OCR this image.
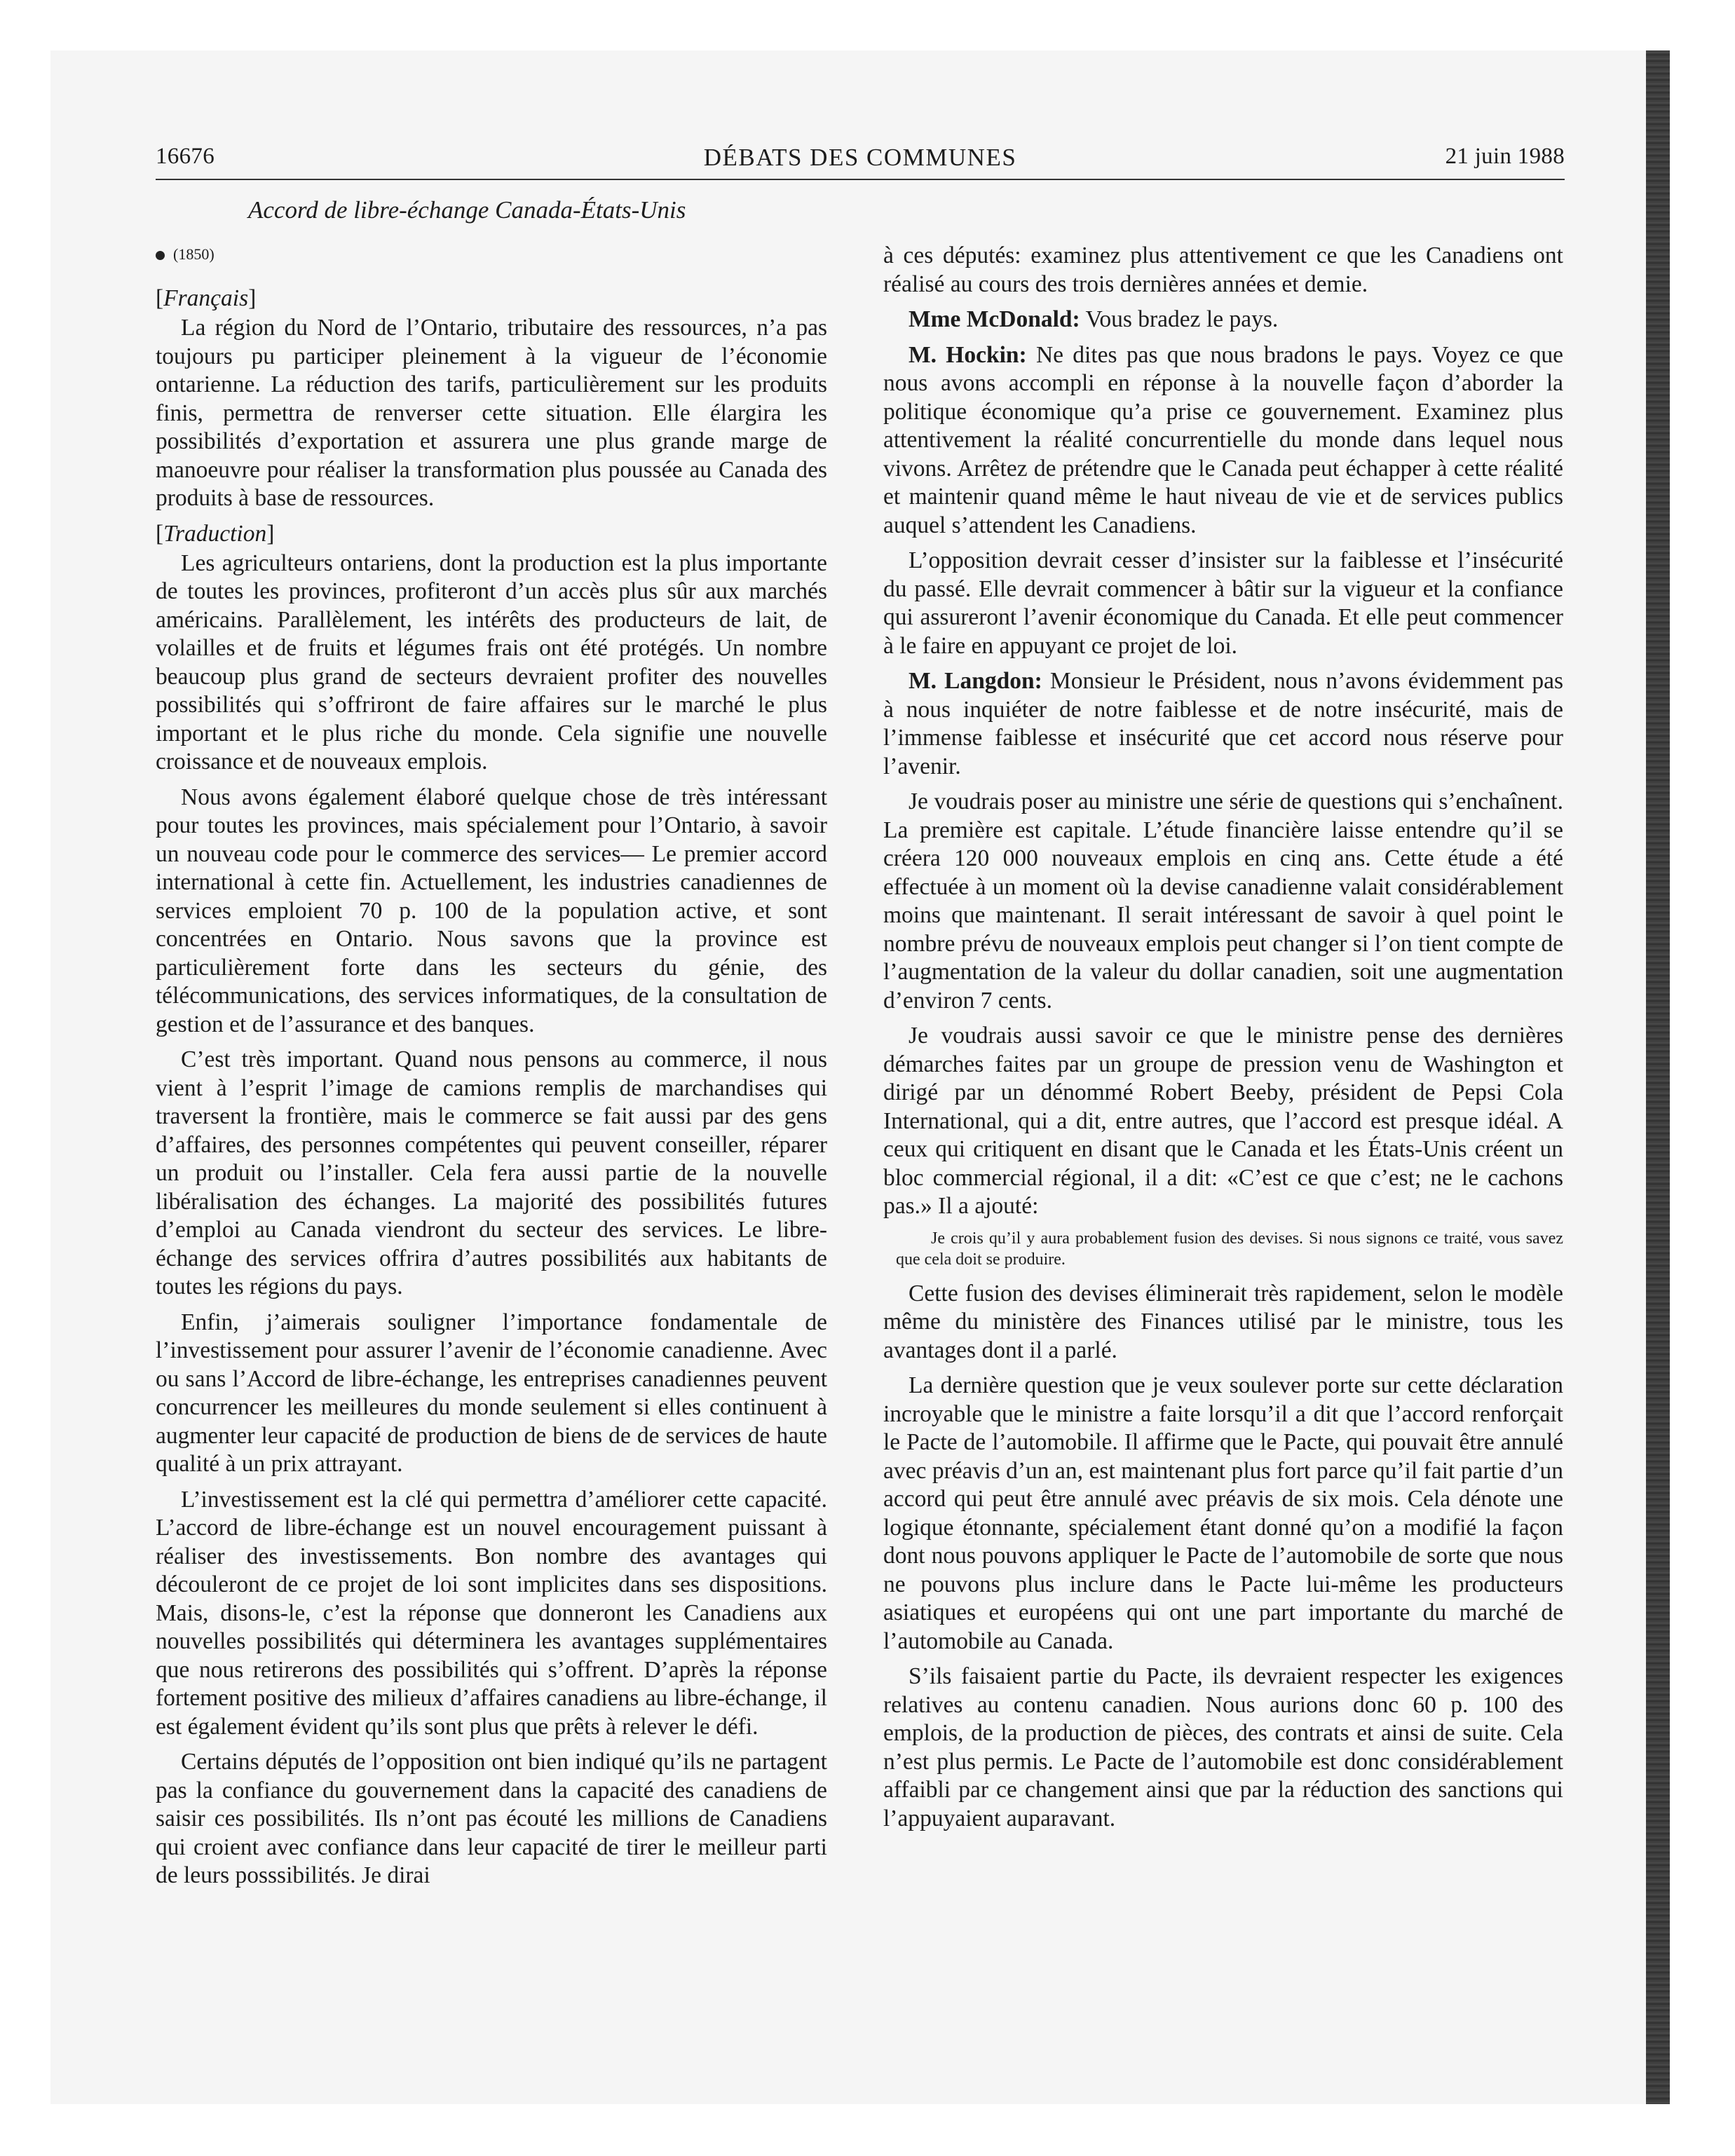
16676	DÉBATS DES COMMUNES	21 juin 1988
Accord de libre-échange Canada-États-Unis
(1850)
[Français]

La région du Nord de l’Ontario, tributaire des ressources, n’a pas toujours pu participer pleinement à la vigueur de l’économie ontarienne. La réduction des tarifs, particulièrement sur les produits finis, permettra de renverser cette situation. Elle élargira les possibilités d’exportation et assurera une plus grande marge de manoeuvre pour réaliser la transformation plus poussée au Canada des produits à base de ressources.

[Traduction]

Les agriculteurs ontariens, dont la production est la plus importante de toutes les provinces, profiteront d’un accès plus sûr aux marchés américains. Parallèlement, les intérêts des producteurs de lait, de volailles et de fruits et légumes frais ont été protégés. Un nombre beaucoup plus grand de secteurs devraient profiter des nouvelles possibilités qui s’offriront de faire affaires sur le marché le plus important et le plus riche du monde. Cela signifie une nouvelle croissance et de nouveaux emplois.

Nous avons également élaboré quelque chose de très intéressant pour toutes les provinces, mais spécialement pour l’Ontario, à savoir un nouveau code pour le commerce des services— Le premier accord international à cette fin. Actuellement, les industries canadiennes de services emploient 70 p. 100 de la population active, et sont concentrées en Ontario. Nous savons que la province est particulièrement forte dans les secteurs du génie, des télécommunications, des services informatiques, de la consultation de gestion et de l’assurance et des banques.

C’est très important. Quand nous pensons au commerce, il nous vient à l’esprit l’image de camions remplis de marchandises qui traversent la frontière, mais le commerce se fait aussi par des gens d’affaires, des personnes compétentes qui peuvent conseiller, réparer un produit ou l’installer. Cela fera aussi partie de la nouvelle libéralisation des échanges. La majorité des possibilités futures d’emploi au Canada viendront du secteur des services. Le libre-échange des services offrira d’autres possibilités aux habitants de toutes les régions du pays.

Enfin, j’aimerais souligner l’importance fondamentale de l’investissement pour assurer l’avenir de l’économie canadienne. Avec ou sans l’Accord de libre-échange, les entreprises canadiennes peuvent concurrencer les meilleures du monde seulement si elles continuent à augmenter leur capacité de production de biens de de services de haute qualité à un prix attrayant.

L’investissement est la clé qui permettra d’améliorer cette capacité. L’accord de libre-échange est un nouvel encouragement puissant à réaliser des investissements. Bon nombre des avantages qui découleront de ce projet de loi sont implicites dans ses dispositions. Mais, disons-le, c’est la réponse que donneront les Canadiens aux nouvelles possibilités qui déterminera les avantages supplémentaires que nous retirerons des possibilités qui s’offrent. D’après la réponse fortement positive des milieux d’affaires canadiens au libre-échange, il est également évident qu’ils sont plus que prêts à relever le défi.

Certains députés de l’opposition ont bien indiqué qu’ils ne partagent pas la confiance du gouvernement dans la capacité des canadiens de saisir ces possibilités. Ils n’ont pas écouté les millions de Canadiens qui croient avec confiance dans leur capacité de tirer le meilleur parti de leurs posssibilités. Je dirai

à ces députés: examinez plus attentivement ce que les Canadiens ont réalisé au cours des trois dernières années et demie.

Mme McDonald: Vous bradez le pays.

M. Hockin: Ne dites pas que nous bradons le pays. Voyez ce que nous avons accompli en réponse à la nouvelle façon d’aborder la politique économique qu’a prise ce gouvernement. Examinez plus attentivement la réalité concurrentielle du monde dans lequel nous vivons. Arrêtez de prétendre que le Canada peut échapper à cette réalité et maintenir quand même le haut niveau de vie et de services publics auquel s’attendent les Canadiens.

L’opposition devrait cesser d’insister sur la faiblesse et l’insécurité du passé. Elle devrait commencer à bâtir sur la vigueur et la confiance qui assureront l’avenir économique du Canada. Et elle peut commencer à le faire en appuyant ce projet de loi.

M. Langdon: Monsieur le Président, nous n’avons évidemment pas à nous inquiéter de notre faiblesse et de notre insécurité, mais de l’immense faiblesse et insécurité que cet accord nous réserve pour l’avenir.

Je voudrais poser au ministre une série de questions qui s’enchaînent. La première est capitale. L’étude financière laisse entendre qu’il se créera 120 000 nouveaux emplois en cinq ans. Cette étude a été effectuée à un moment où la devise canadienne valait considérablement moins que maintenant. Il serait intéressant de savoir à quel point le nombre prévu de nouveaux emplois peut changer si l’on tient compte de l’augmentation de la valeur du dollar canadien, soit une augmentation d’environ 7 cents.

Je voudrais aussi savoir ce que le ministre pense des dernières démarches faites par un groupe de pression venu de Washington et dirigé par un dénommé Robert Beeby, président de Pepsi Cola International, qui a dit, entre autres, que l’accord est presque idéal. A ceux qui critiquent en disant que le Canada et les États-Unis créent un bloc commercial régional, il a dit: «C’est ce que c’est; ne le cachons pas.» Il a ajouté:

Je crois qu’il y aura probablement fusion des devises. Si nous signons ce traité, vous savez que cela doit se produire.

Cette fusion des devises éliminerait très rapidement, selon le modèle même du ministère des Finances utilisé par le ministre, tous les avantages dont il a parlé.

La dernière question que je veux soulever porte sur cette déclaration incroyable que le ministre a faite lorsqu’il a dit que l’accord renforçait le Pacte de l’automobile. Il affirme que le Pacte, qui pouvait être annulé avec préavis d’un an, est maintenant plus fort parce qu’il fait partie d’un accord qui peut être annulé avec préavis de six mois. Cela dénote une logique étonnante, spécialement étant donné qu’on a modifié la façon dont nous pouvons appliquer le Pacte de l’automobile de sorte que nous ne pouvons plus inclure dans le Pacte lui-même les producteurs asiatiques et européens qui ont une part importante du marché de l’automobile au Canada.

S’ils faisaient partie du Pacte, ils devraient respecter les exigences relatives au contenu canadien. Nous aurions donc 60 p. 100 des emplois, de la production de pièces, des contrats et ainsi de suite. Cela n’est plus permis. Le Pacte de l’automobile est donc considérablement affaibli par ce changement ainsi que par la réduction des sanctions qui l’appuyaient auparavant.
